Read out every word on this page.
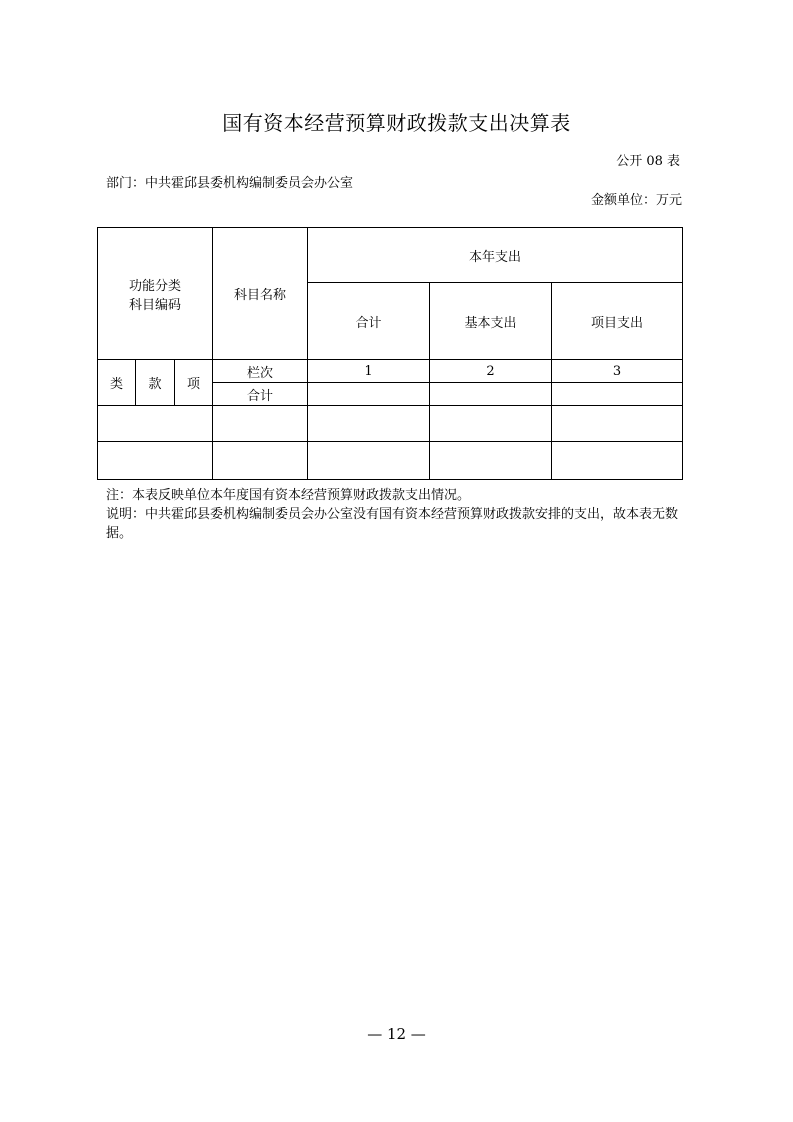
国有资本经营预算财政拨款支出决算表
公开 08 表
部门：中共霍邱县委机构编制委员会办公室
金额单位：万元
功能分类
科目编码			科目名称	本年支出		
				合计	基本支出	项目支出
类	款	项	栏次	1	2	3
			合计			

注：本表反映单位本年度国有资本经营预算财政拨款支出情况。

说明：中共霍邱县委机构编制委员会办公室没有国有资本经营预算财政拨款安排的支出，故本表无数据。

— 12 —
